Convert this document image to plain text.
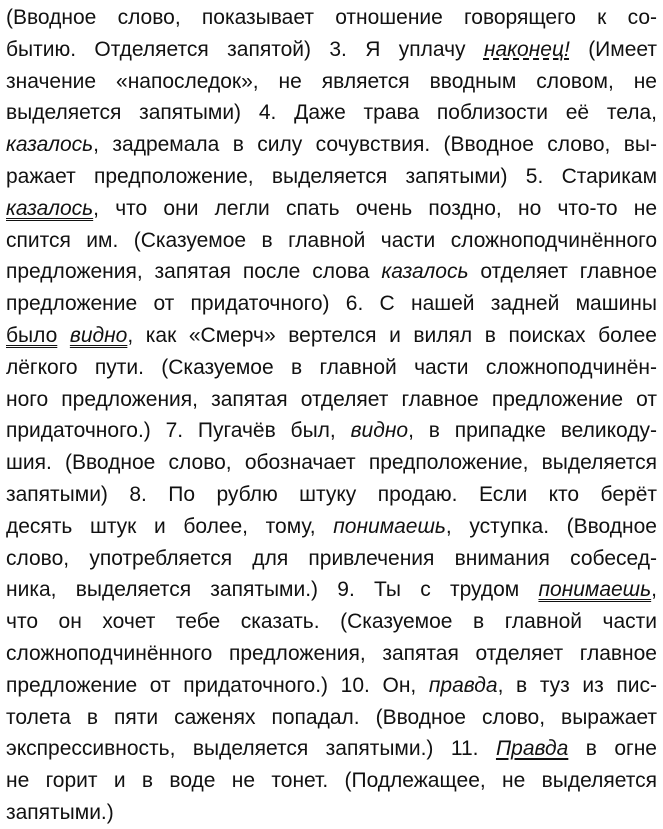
(Вводное слово, показывает отношение говорящего к со-
бытию. Отделяется запятой) 3. Я уплачу наконец! (Имеет
значение «напоследок», не является вводным словом, не
выделяется запятыми) 4. Даже трава поблизости её тела,
казалось, задремала в силу сочувствия. (Вводное слово, вы-
ражает предположение, выделяется запятыми) 5. Старикам
казалось, что они легли спать очень поздно, но что-то не
спится им. (Сказуемое в главной части сложноподчинённого
предложения, запятая после слова казалось отделяет главное
предложение от придаточного) 6. С нашей задней машины
было видно, как «Смерч» вертелся и вилял в поисках более
лёгкого пути. (Сказуемое в главной части сложноподчинён-
ного предложения, запятая отделяет главное предложение от
придаточного.) 7. Пугачёв был, видно, в припадке великоду-
шия. (Вводное слово, обозначает предположение, выделяется
запятыми) 8. По рублю штуку продаю. Если кто берёт
десять штук и более, тому, понимаешь, уступка. (Вводное
слово, употребляется для привлечения внимания собесед-
ника, выделяется запятыми.) 9. Ты с трудом понимаешь,
что он хочет тебе сказать. (Сказуемое в главной части
сложноподчинённого предложения, запятая отделяет главное
предложение от придаточного.) 10. Он, правда, в туз из пис-
толета в пяти саженях попадал. (Вводное слово, выражает
экспрессивность, выделяется запятыми.) 11. Правда в огне
не горит и в воде не тонет. (Подлежащее, не выделяется
запятыми.)
